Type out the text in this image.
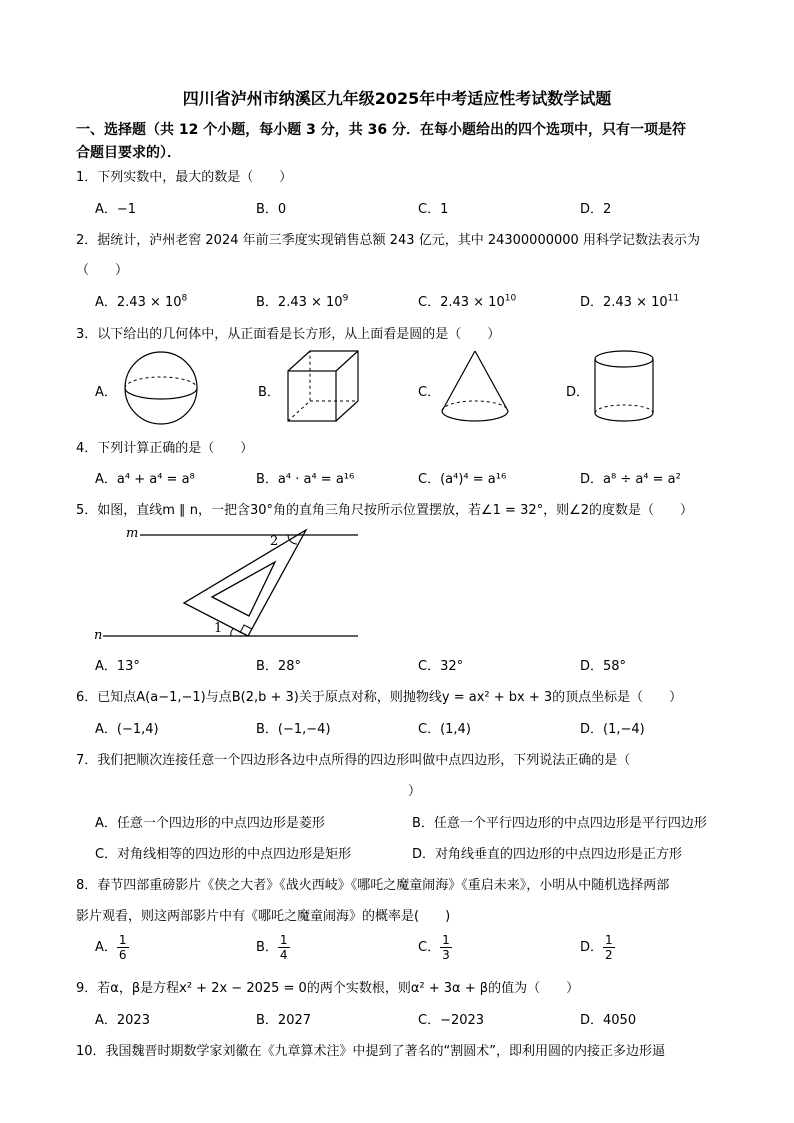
四川省泸州市纳溪区九年级2025年中考适应性考试数学试题
一、选择题（共 12 个小题，每小题 3 分，共 36 分．在每小题给出的四个选项中，只有一项是符
合题目要求的）．
1．下列实数中，最大的数是（　　）
A．−1	B．0	C．1	D．2
2．据统计，泸州老窖 2024 年前三季度实现销售总额 243 亿元，其中 24300000000 用科学记数法表示为
（　　）
A．$2.43 \times 10^8$	B．$2.43 \times 10^9$	C．$2.43 \times 10^{10}$	D．$2.43 \times 10^{11}$
3．以下给出的几何体中，从正面看是长方形，从上面看是圆的是（　　）
A．	B．	C．	D．
4．下列计算正确的是（　　）
A．a⁴ + a⁴ = a⁸	B．a⁴ · a⁴ = a¹⁶	C．(a⁴)⁴ = a¹⁶	D．a⁸ ÷ a⁴ = a²
5．如图，直线m ∥ n，一把含30°角的直角三角尺按所示位置摆放，若∠1 = 32°，则∠2的度数是（　　）
m
n	1
2
A．13°	B．28°	C．32°	D．58°
6．已知点A(a−1,−1)与点B(2,b + 3)关于原点对称，则抛物线y = ax² + bx + 3的顶点坐标是（　　）
A．(−1,4)	B．(−1,−4)	C．(1,4)	D．(1,−4)
7．我们把顺次连接任意一个四边形各边中点所得的四边形叫做中点四边形，下列说法正确的是（
）
A．任意一个四边形的中点四边形是菱形	B．任意一个平行四边形的中点四边形是平行四边形
C．对角线相等的四边形的中点四边形是矩形	D．对角线垂直的四边形的中点四边形是正方形
8．春节四部重磅影片《侠之大者》《战火西岐》《哪吒之魔童闹海》《重启未来》，小明从中随机选择两部
影片观看，则这两部影片中有《哪吒之魔童闹海》的概率是(　　)
A． $\frac{1}{6}$	B． $\frac{1}{4}$	C． $\frac{1}{3}$	D． $\frac{1}{2}$
9．若α，β是方程x² + 2x − 2025 = 0的两个实数根，则α² + 3α + β的值为（　　）
A．2023	B．2027	C．−2023	D．4050
10．我国魏晋时期数学家刘徽在《九章算术注》中提到了著名的“割圆术”，即利用圆的内接正多边形逼
